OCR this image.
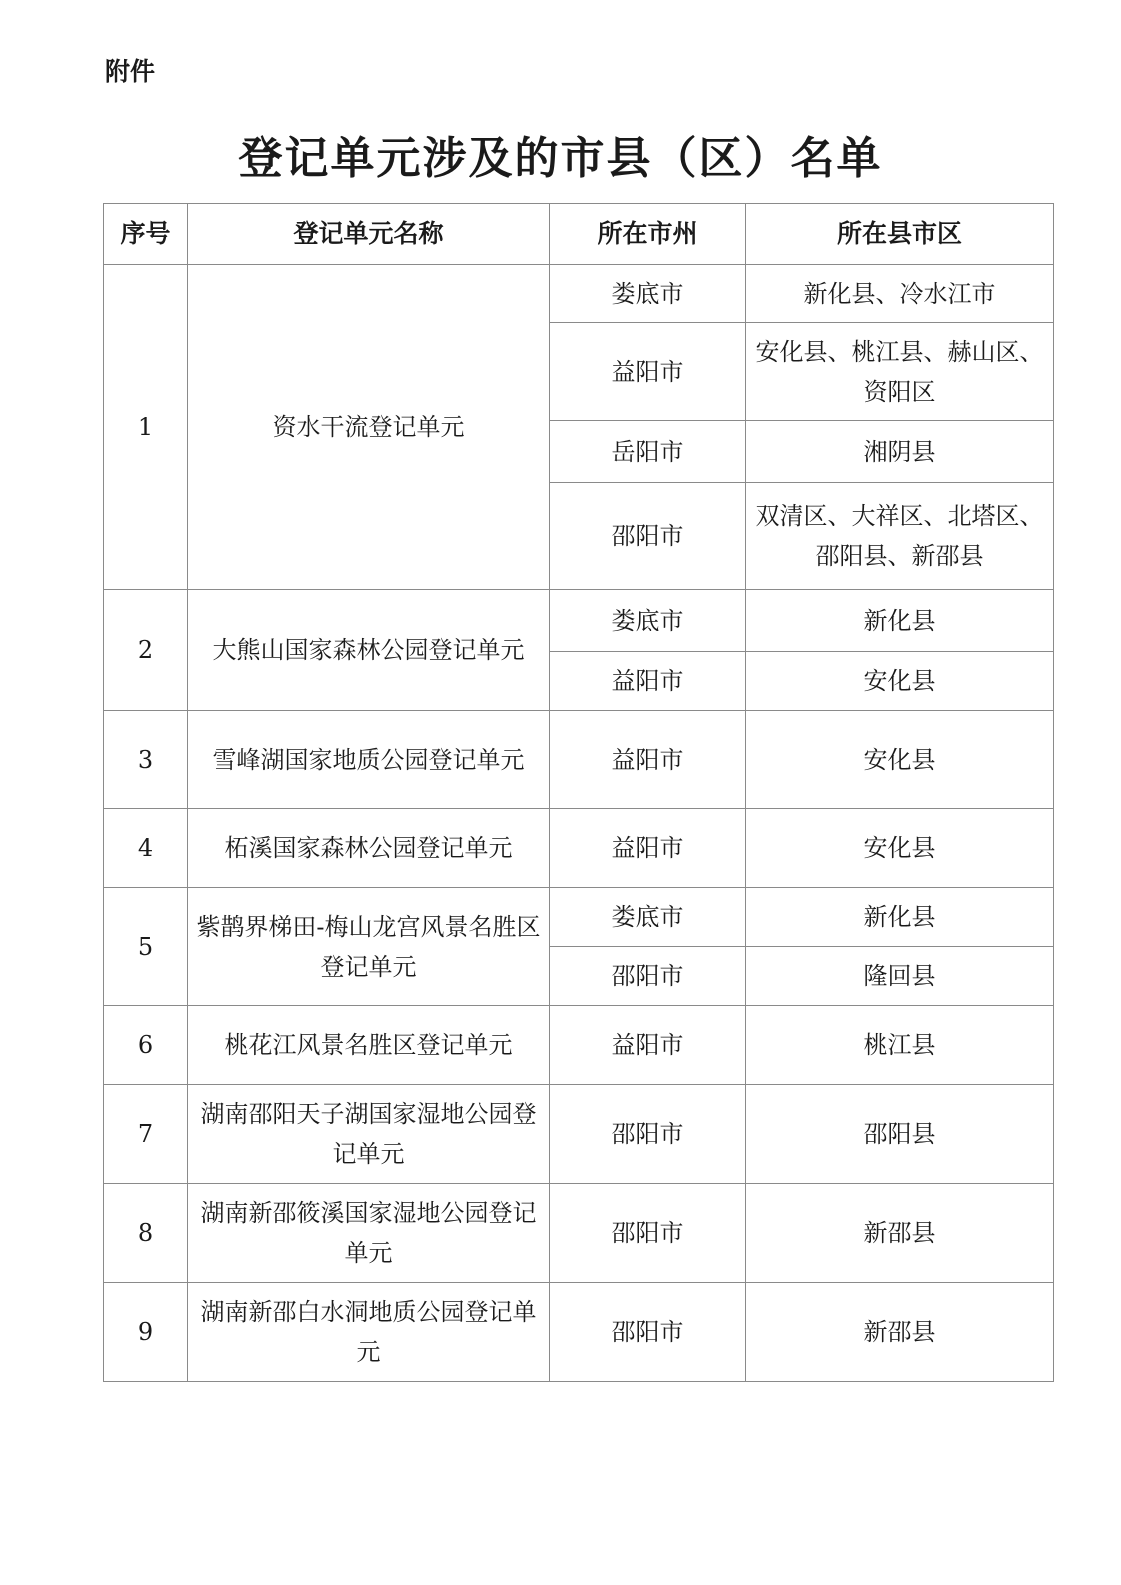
附件
登记单元涉及的市县（区）名单
序号	登记单元名称	所在市州	所在县市区
1	资水干流登记单元	娄底市	新化县、冷水江市
		益阳市	安化县、桃江县、赫山区、资阳区
		岳阳市	湘阴县
		邵阳市	双清区、大祥区、北塔区、邵阳县、新邵县
2	大熊山国家森林公园登记单元	娄底市	新化县
		益阳市	安化县
3	雪峰湖国家地质公园登记单元	益阳市	安化县
4	柘溪国家森林公园登记单元	益阳市	安化县
5	紫鹊界梯田-梅山龙宫风景名胜区登记单元	娄底市	新化县
		邵阳市	隆回县
6	桃花江风景名胜区登记单元	益阳市	桃江县
7	湖南邵阳天子湖国家湿地公园登记单元	邵阳市	邵阳县
8	湖南新邵筱溪国家湿地公园登记单元	邵阳市	新邵县
9	湖南新邵白水洞地质公园登记单元	邵阳市	新邵县
